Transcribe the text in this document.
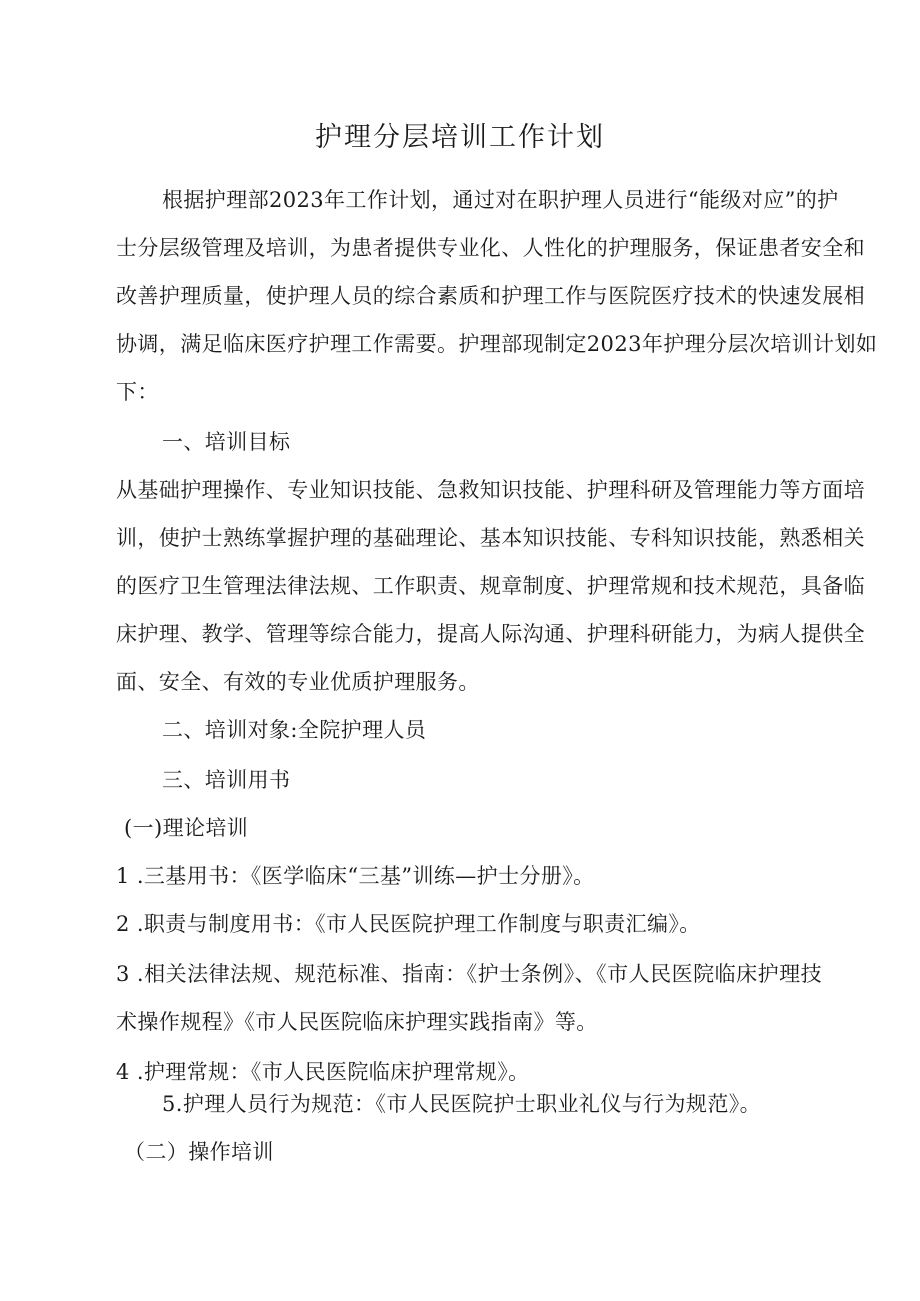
护理分层培训工作计划
根据护理部2023年工作计划，通过对在职护理人员进行“能级对应”的护
士分层级管理及培训，为患者提供专业化、人性化的护理服务，保证患者安全和
改善护理质量，使护理人员的综合素质和护理工作与医院医疗技术的快速发展相
协调，满足临床医疗护理工作需要。护理部现制定2023年护理分层次培训计划如
下：
一、培训目标
从基础护理操作、专业知识技能、急救知识技能、护理科研及管理能力等方面培
训，使护士熟练掌握护理的基础理论、基本知识技能、专科知识技能，熟悉相关
的医疗卫生管理法律法规、工作职责、规章制度、护理常规和技术规范，具备临
床护理、教学、管理等综合能力，提高人际沟通、护理科研能力，为病人提供全
面、安全、有效的专业优质护理服务。
二、培训对象:全院护理人员
三、培训用书
(一)理论培训
1 .三基用书：《医学临床“三基”训练—护士分册》。
2 .职责与制度用书：《市人民医院护理工作制度与职责汇编》。
3 .相关法律法规、规范标准、指南：《护士条例》、《市人民医院临床护理技
术操作规程》《市人民医院临床护理实践指南》等。
4 .护理常规：《市人民医院临床护理常规》。
5.护理人员行为规范：《市人民医院护士职业礼仪与行为规范》。
（二）操作培训
